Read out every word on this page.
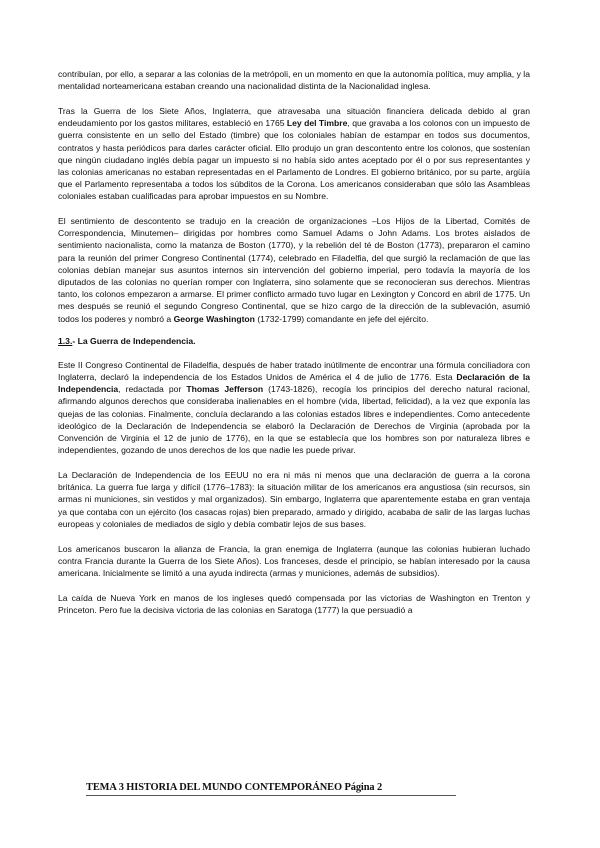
contribuían, por ello, a separar a las colonias de la metrópoli, en un momento en que la autonomía política, muy amplia, y la mentalidad norteamericana estaban creando una nacionalidad distinta de la Nacionalidad inglesa.

Tras la Guerra de los Siete Años, Inglaterra, que atravesaba una situación financiera delicada debido al gran endeudamiento por los gastos militares, estableció en 1765 Ley del Timbre, que gravaba a los colonos con un impuesto de guerra consistente en un sello del Estado (timbre) que los coloniales habían de estampar en todos sus documentos, contratos y hasta periódicos para darles carácter oficial. Ello produjo un gran descontento entre los colonos, que sostenían que ningún ciudadano inglés debía pagar un impuesto si no había sido antes aceptado por él o por sus representantes y las colonias americanas no estaban representadas en el Parlamento de Londres. El gobierno británico, por su parte, argüía que el Parlamento representaba a todos los súbditos de la Corona. Los americanos consideraban que sólo las Asambleas coloniales estaban cualificadas para aprobar impuestos en su Nombre.

El sentimiento de descontento se tradujo en la creación de organizaciones –Los Hijos de la Libertad, Comités de Correspondencia, Minutemen– dirigidas por hombres como Samuel Adams o John Adams. Los brotes aislados de sentimiento nacionalista, como la matanza de Boston (1770), y la rebelión del té de Boston (1773), prepararon el camino para la reunión del primer Congreso Continental (1774), celebrado en Filadelfia, del que surgió la reclamación de que las colonias debían manejar sus asuntos internos sin intervención del gobierno imperial, pero todavía la mayoría de los diputados de las colonias no querían romper con Inglaterra, sino solamente que se reconocieran sus derechos. Mientras tanto, los colonos empezaron a armarse. El primer conflicto armado tuvo lugar en Lexington y Concord en abril de 1775. Un mes después se reunió el segundo Congreso Continental, que se hizo cargo de la dirección de la sublevación, asumió todos los poderes y nombró a George Washington (1732-1799) comandante en jefe del ejército.

1.3.- La Guerra de Independencia.

Este II Congreso Continental de Filadelfia, después de haber tratado inútilmente de encontrar una fórmula conciliadora con Inglaterra, declaró la independencia de los Estados Unidos de América el 4 de julio de 1776. Esta Declaración de la Independencia, redactada por Thomas Jefferson (1743-1826), recogía los principios del derecho natural racional, afirmando algunos derechos que consideraba inalienables en el hombre (vida, libertad, felicidad), a la vez que exponía las quejas de las colonias. Finalmente, concluía declarando a las colonias estados libres e independientes. Como antecedente ideológico de la Declaración de Independencia se elaboró la Declaración de Derechos de Virginia (aprobada por la Convención de Virginia el 12 de junio de 1776), en la que se establecía que los hombres son por naturaleza libres e independientes, gozando de unos derechos de los que nadie les puede privar.

La Declaración de Independencia de los EEUU no era ni más ni menos que una declaración de guerra a la corona británica. La guerra fue larga y difícil (1776–1783): la situación militar de los americanos era angustiosa (sin recursos, sin armas ni municiones, sin vestidos y mal organizados). Sin embargo, Inglaterra que aparentemente estaba en gran ventaja ya que contaba con un ejército (los casacas rojas) bien preparado, armado y dirigido, acababa de salir de las largas luchas europeas y coloniales de mediados de siglo y debía combatir lejos de sus bases.

Los americanos buscaron la alianza de Francia, la gran enemiga de Inglaterra (aunque las colonias hubieran luchado contra Francia durante la Guerra de los Siete Años). Los franceses, desde el principio, se habían interesado por la causa americana. Inicialmente se limitó a una ayuda indirecta (armas y municiones, además de subsidios).

La caída de Nueva York en manos de los ingleses quedó compensada por las victorias de Washington en Trenton y Princeton. Pero fue la decisiva victoria de las colonias en Saratoga (1777) la que persuadió a

TEMA 3 HISTORIA DEL MUNDO CONTEMPORÁNEO Página 2
